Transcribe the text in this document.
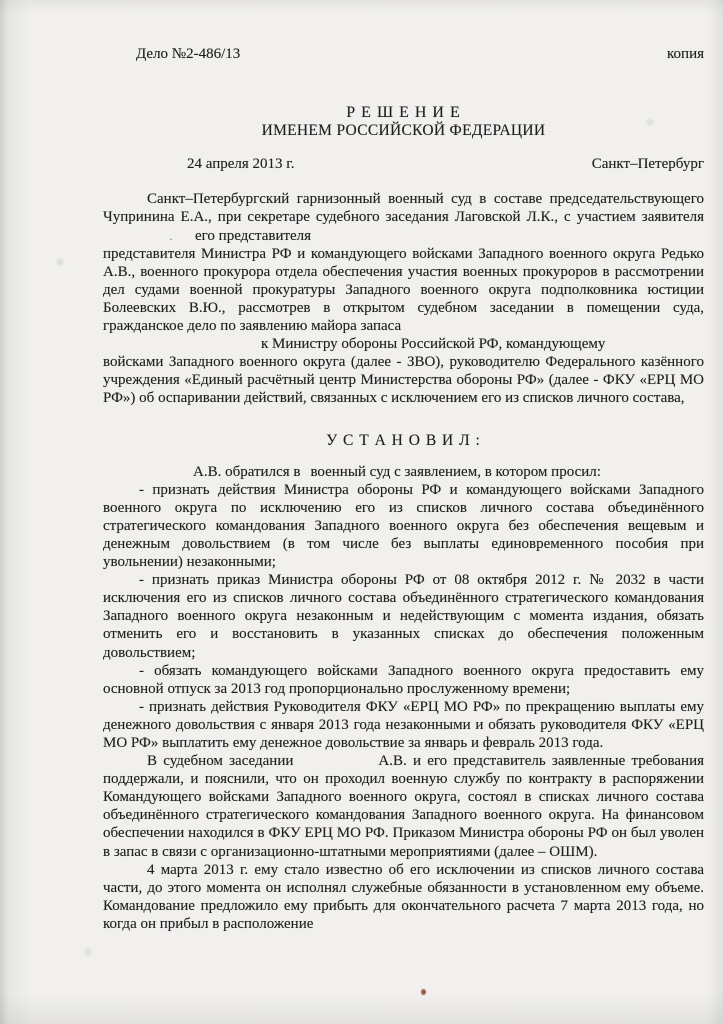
Дело №2-486/13	копия
Р Е Ш Е Н И Е
ИМЕНЕМ РОССИЙСКОЙ ФЕДЕРАЦИИ
24 апреля 2013 г.	Санкт–Петербург

Санкт–Петербургский гарнизонный военный суд в составе председательствующего Чупринина Е.А., при секретаре судебного заседания Лаговской Л.К., с участием заявителя. его представителя
представителя Министра РФ и командующего войсками Западного военного округа Редько А.В., военного прокурора отдела обеспечения участия военных прокуроров в рассмотрении дел судами военной прокуратуры Западного военного округа подполковника юстиции Болеевских В.Ю., рассмотрев в открытом судебном заседании в помещении суда, гражданское дело по заявлению майора запаса
к Министру обороны Российской РФ, командующему
войсками Западного военного округа (далее - ЗВО), руководителю Федерального казённого учреждения «Единый расчётный центр Министерства обороны РФ» (далее - ФКУ «ЕРЦ МО РФ») об оспаривании действий, связанных с исключением его из списков личного состава,

У С Т А Н О В И Л :

А.В. обратился в военный суд с заявлением, в котором просил:

- признать действия Министра обороны РФ и командующего войсками Западного военного округа по исключению его из списков личного состава объединённого стратегического командования Западного военного округа без обеспечения вещевым и денежным довольствием (в том числе без выплаты единовременного пособия при увольнении) незаконными;

- признать приказ Министра обороны РФ от 08 октября 2012 г. № 2032 в части исключения его из списков личного состава объединённого стратегического командования Западного военного округа незаконным и недействующим с момента издания, обязать отменить его и восстановить в указанных списках до обеспечения положенным довольствием;

- обязать командующего войсками Западного военного округа предоставить ему основной отпуск за 2013 год пропорционально прослуженному времени;

- признать действия Руководителя ФКУ «ЕРЦ МО РФ» по прекращению выплаты ему денежного довольствия с января 2013 года незаконными и обязать руководителя ФКУ «ЕРЦ МО РФ» выплатить ему денежное довольствие за январь и февраль 2013 года.

В судебном заседании	А.В. и его представитель заявленные требования поддержали, и пояснили, что он проходил военную службу по контракту в распоряжении Командующего войсками Западного военного округа, состоял в списках личного состава объединённого стратегического командования Западного военного округа. На финансовом обеспечении находился в ФКУ ЕРЦ МО РФ. Приказом Министра обороны РФ он был уволен в запас в связи с организационно-штатными мероприятиями (далее – ОШМ).

4 марта 2013 г. ему стало известно об его исключении из списков личного состава части, до этого момента он исполнял служебные обязанности в установленном ему объеме. Командование предложило ему прибыть для окончательного расчета 7 марта 2013 года, но когда он прибыл в расположение
